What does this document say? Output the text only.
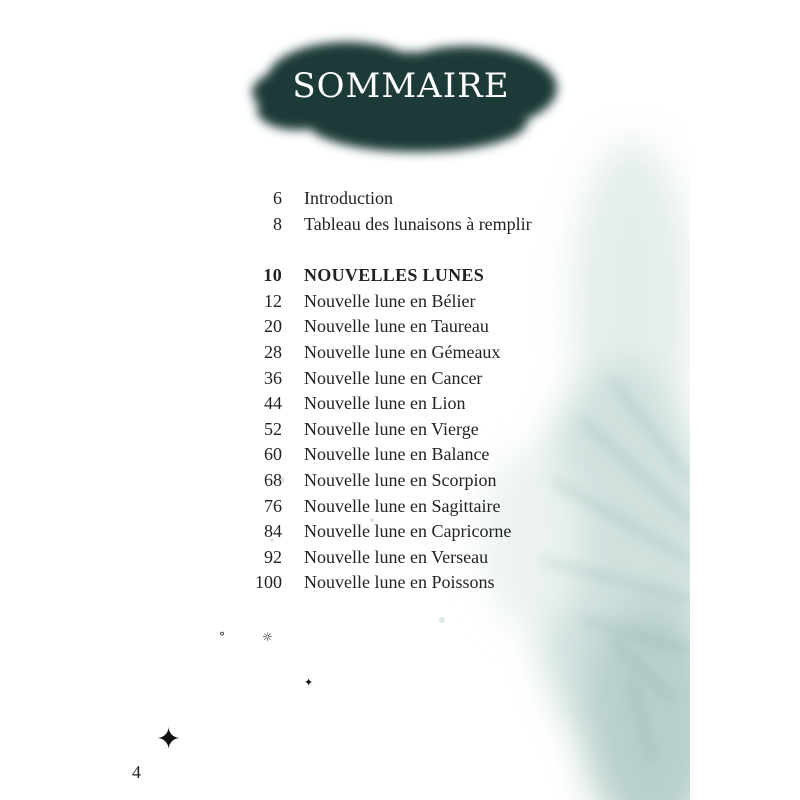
SOMMAIRE
6 Introduction
8 Tableau des lunaisons à remplir
10 NOUVELLES LUNES
12 Nouvelle lune en Bélier
20 Nouvelle lune en Taureau
28 Nouvelle lune en Gémeaux
36 Nouvelle lune en Cancer
44 Nouvelle lune en Lion
52 Nouvelle lune en Vierge
60 Nouvelle lune en Balance
68 Nouvelle lune en Scorpion
76 Nouvelle lune en Sagittaire
84 Nouvelle lune en Capricorne
92 Nouvelle lune en Verseau
100 Nouvelle lune en Poissons
°	☼
✦
✦
4
